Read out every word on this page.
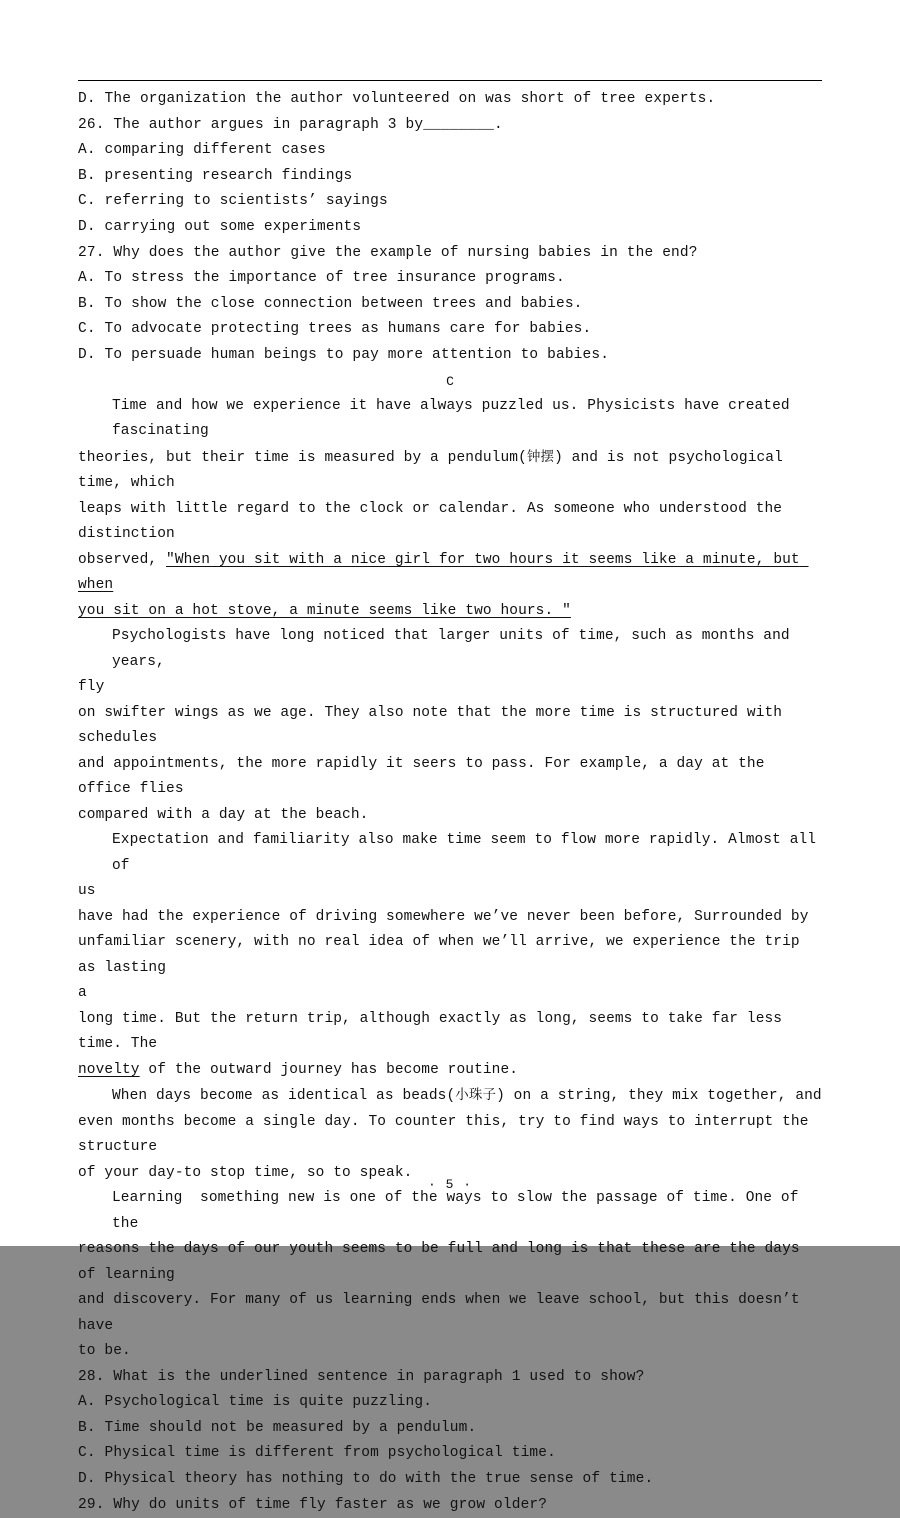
D. The organization the author volunteered on was short of tree experts.

26. The author argues in paragraph 3 by________.

A. comparing different cases

B. presenting research findings

C. referring to scientists’ sayings

D. carrying out some experiments

27. Why does the author give the example of nursing babies in the end?

A. To stress the importance of tree insurance programs.

B. To show the close connection between trees and babies.

C. To advocate protecting trees as humans care for babies.

D. To persuade human beings to pay more attention to babies.

C

Time and how we experience it have always puzzled us. Physicists have created fascinating

theories, but their time is measured by a pendulum(钟摆) and is not psychological time, which

leaps with little regard to the clock or calendar. As someone who understood the distinction

observed, "When you sit with a nice girl for two hours it seems like a minute, but when

you sit on a hot stove, a minute seems like two hours. "

Psychologists have long noticed that larger units of time, such as months and years,

fly

on swifter wings as we age. They also note that the more time is structured with schedules

and appointments, the more rapidly it seers to pass. For example, a day at the office flies

compared with a day at the beach.

Expectation and familiarity also make time seem to flow more rapidly. Almost all of

us

have had the experience of driving somewhere we’ve never been before, Surrounded by

unfamiliar scenery, with no real idea of when we’ll arrive, we experience the trip as lasting

a

long time. But the return trip, although exactly as long, seems to take far less time. The

novelty of the outward journey has become routine.

When days become as identical as beads(小珠子) on a string, they mix together, and

even months become a single day. To counter this, try to find ways to interrupt the structure

of your day-to stop time, so to speak.

Learning  something new is one of the ways to slow the passage of time. One of the

reasons the days of our youth seems to be full and long is that these are the days of learning

and discovery. For many of us learning ends when we leave school, but this doesn’t have

to be.

28. What is the underlined sentence in paragraph 1 used to show?

A. Psychological time is quite puzzling.

B. Time should not be measured by a pendulum.

C. Physical time is different from psychological time.

D. Physical theory has nothing to do with the true sense of time.

29. Why do units of time fly faster as we grow older?

· 5 ·
